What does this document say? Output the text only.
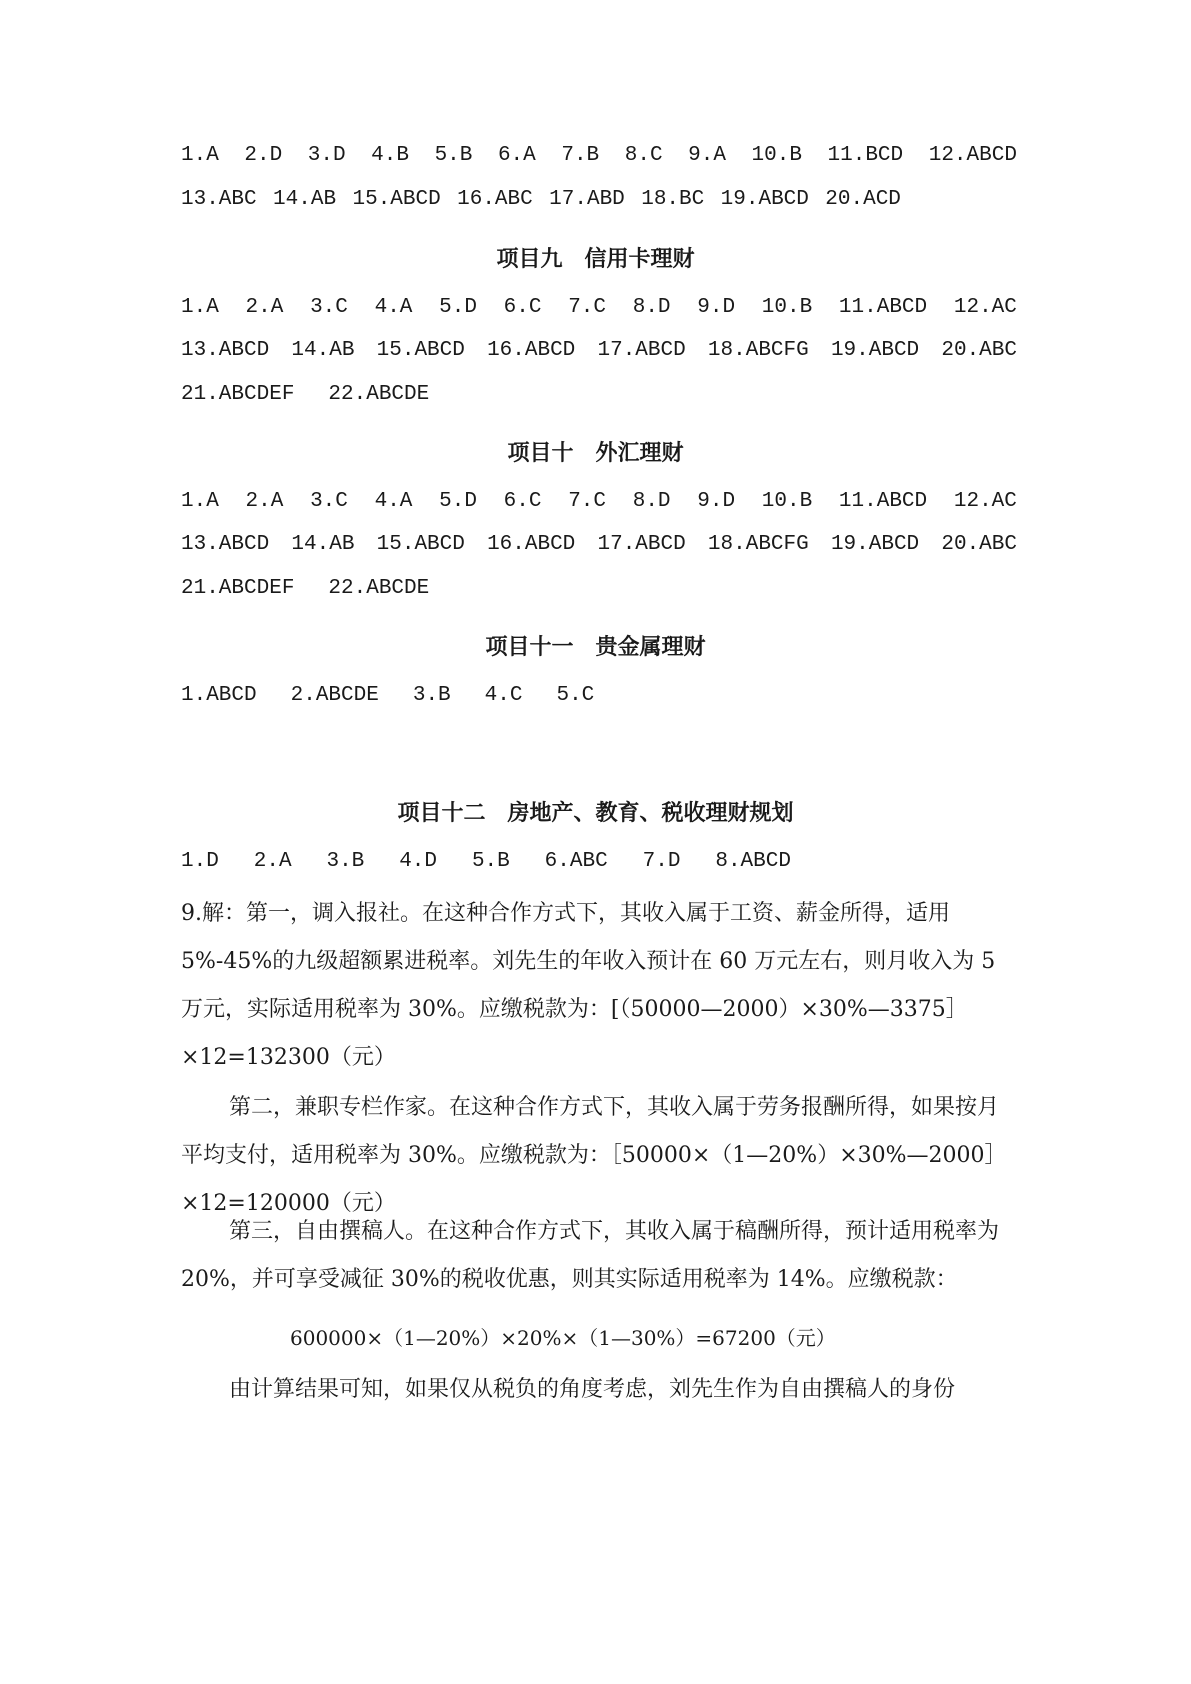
1.A 2.D 3.D 4.B 5.B 6.A 7.B 8.C 9.A 10.B 11.BCD 12.ABCD
13.ABC 14.AB 15.ABCD 16.ABC 17.ABD 18.BC 19.ABCD 20.ACD
项目九　信用卡理财
1.A 2.A 3.C 4.A 5.D 6.C 7.C 8.D 9.D 10.B 11.ABCD 12.AC
13.ABCD 14.AB 15.ABCD 16.ABCD 17.ABCD 18.ABCFG 19.ABCD 20.ABC
21.ABCDEF 22.ABCDE
项目十　外汇理财
1.A 2.A 3.C 4.A 5.D 6.C 7.C 8.D 9.D 10.B 11.ABCD 12.AC
13.ABCD 14.AB 15.ABCD 16.ABCD 17.ABCD 18.ABCFG 19.ABCD 20.ABC
21.ABCDEF 22.ABCDE
项目十一　贵金属理财
1.ABCD 2.ABCDE 3.B 4.C 5.C
项目十二　房地产、教育、税收理财规划
1.D 2.A 3.B 4.D 5.B 6.ABC 7.D 8.ABCD

9.解：第一，调入报社。在这种合作方式下，其收入属于工资、薪金所得，适用5%-45%的九级超额累进税率。刘先生的年收入预计在 60 万元左右，则月收入为 5 万元，实际适用税率为 30%。应缴税款为：[（50000—2000）×30%—3375］×12=132300（元）

第二，兼职专栏作家。在这种合作方式下，其收入属于劳务报酬所得，如果按月平均支付，适用税率为 30%。应缴税款为：［50000×（1—20%）×30%—2000］×12=120000（元）

第三，自由撰稿人。在这种合作方式下，其收入属于稿酬所得，预计适用税率为 20%，并可享受减征 30%的税收优惠，则其实际适用税率为 14%。应缴税款：

600000×（1—20%）×20%×（1—30%）=67200（元）

由计算结果可知，如果仅从税负的角度考虑，刘先生作为自由撰稿人的身份
